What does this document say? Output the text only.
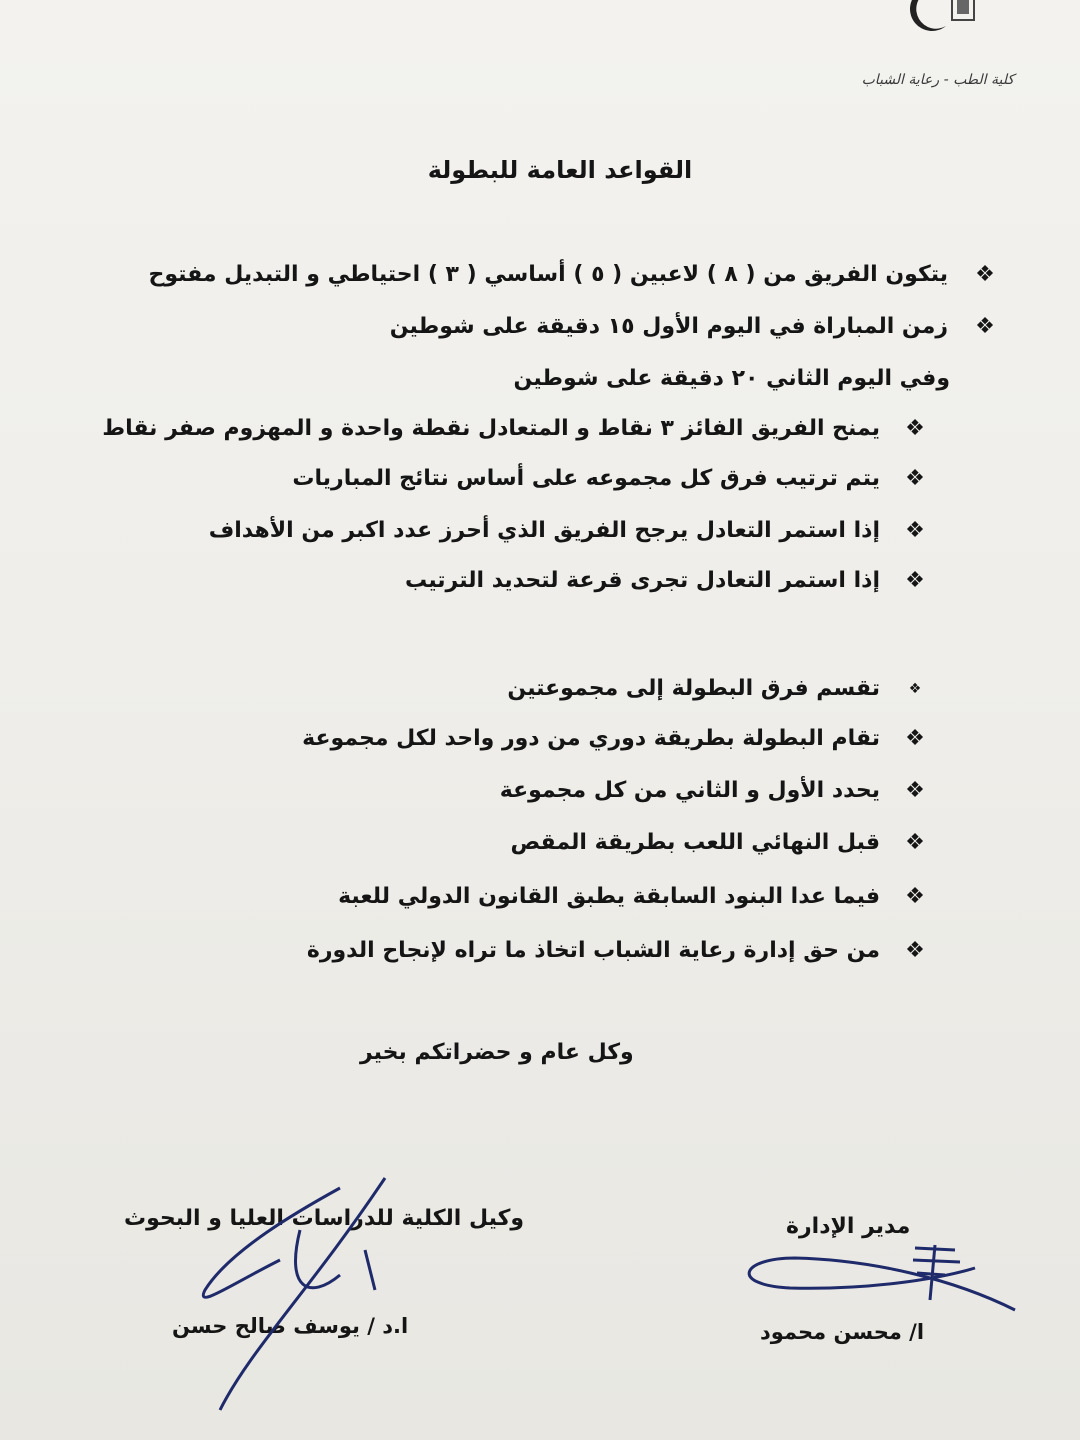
كلية الطب - رعاية الشباب
القواعد العامة للبطولة
❖
يتكون الفريق من ( ٨ ) لاعبين ( ٥ ) أساسي ( ٣ ) احتياطي و التبديل مفتوح
❖
زمن المباراة في اليوم الأول ١٥ دقيقة على شوطين
وفي اليوم الثاني ٢٠ دقيقة على شوطين
❖
يمنح الفريق الفائز ٣ نقاط و المتعادل نقطة واحدة و المهزوم صفر نقاط
❖
يتم ترتيب فرق كل مجموعه على أساس نتائج المباريات
❖
إذا استمر التعادل يرجح الفريق الذي أحرز عدد اكبر من الأهداف
❖
إذا استمر التعادل تجرى قرعة لتحديد الترتيب
❖
تقسم فرق البطولة إلى مجموعتين
❖
تقام البطولة بطريقة دوري من دور واحد لكل مجموعة
❖
يحدد الأول و الثاني من كل مجموعة
❖
قبل النهائي اللعب بطريقة المقص
❖
فيما عدا البنود السابقة يطبق القانون الدولي للعبة
❖
من حق إدارة رعاية الشباب اتخاذ ما تراه لإنجاح الدورة
وكل عام و حضراتكم بخير
وكيل الكلية للدراسات العليا و البحوث
ا.د / يوسف صالح حسن
مدير الإدارة
ا/ محسن محمود
